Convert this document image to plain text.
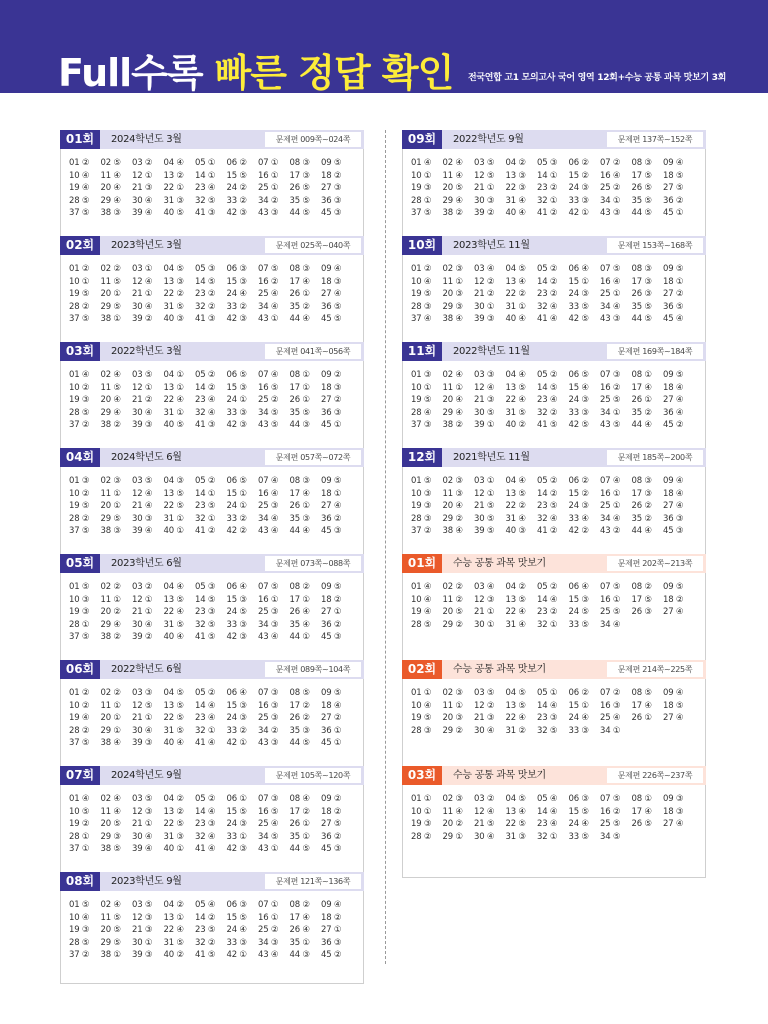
Full수록 빠른 정답 확인 전국연합 고1 모의고사 국어 영역 12회+수능 공통 과목 맛보기 3회
01회	2024학년도 3월	문제편 009쪽~024쪽
01 ②	02 ⑤	03 ②	04 ④	05 ①	06 ②	07 ①	08 ③	09 ⑤
10 ④	11 ④	12 ①	13 ②	14 ①	15 ⑤	16 ①	17 ③	18 ②
19 ④	20 ④	21 ③	22 ①	23 ④	24 ②	25 ①	26 ⑤	27 ③
28 ⑤	29 ④	30 ④	31 ③	32 ⑤	33 ②	34 ②	35 ⑤	36 ③
37 ⑤	38 ③	39 ④	40 ⑤	41 ③	42 ③	43 ③	44 ⑤	45 ③
02회	2023학년도 3월	문제편 025쪽~040쪽
01 ②	02 ②	03 ①	04 ⑤	05 ③	06 ③	07 ⑤	08 ③	09 ④
10 ①	11 ⑤	12 ④	13 ③	14 ⑤	15 ③	16 ②	17 ④	18 ③
19 ⑤	20 ①	21 ①	22 ②	23 ②	24 ④	25 ④	26 ①	27 ④
28 ②	29 ⑤	30 ④	31 ⑤	32 ②	33 ②	34 ④	35 ②	36 ⑤
37 ⑤	38 ①	39 ②	40 ③	41 ③	42 ③	43 ①	44 ④	45 ⑤
03회	2022학년도 3월	문제편 041쪽~056쪽
01 ④	02 ④	03 ⑤	04 ①	05 ②	06 ⑤	07 ④	08 ①	09 ②
10 ②	11 ⑤	12 ①	13 ①	14 ②	15 ③	16 ⑤	17 ①	18 ③
19 ③	20 ④	21 ②	22 ④	23 ④	24 ①	25 ②	26 ①	27 ②
28 ⑤	29 ④	30 ④	31 ①	32 ④	33 ③	34 ⑤	35 ⑤	36 ③
37 ②	38 ②	39 ③	40 ⑤	41 ③	42 ③	43 ⑤	44 ③	45 ①
04회	2024학년도 6월	문제편 057쪽~072쪽
01 ③	02 ③	03 ⑤	04 ③	05 ②	06 ⑤	07 ④	08 ③	09 ⑤
10 ②	11 ①	12 ④	13 ⑤	14 ①	15 ①	16 ④	17 ④	18 ①
19 ⑤	20 ①	21 ④	22 ⑤	23 ⑤	24 ①	25 ③	26 ①	27 ④
28 ②	29 ⑤	30 ③	31 ①	32 ①	33 ②	34 ④	35 ③	36 ②
37 ⑤	38 ③	39 ④	40 ①	41 ②	42 ②	43 ④	44 ④	45 ③
05회	2023학년도 6월	문제편 073쪽~088쪽
01 ⑤	02 ②	03 ②	04 ④	05 ③	06 ④	07 ⑤	08 ②	09 ⑤
10 ③	11 ①	12 ①	13 ⑤	14 ⑤	15 ③	16 ①	17 ①	18 ②
19 ③	20 ②	21 ①	22 ④	23 ③	24 ⑤	25 ③	26 ④	27 ①
28 ①	29 ④	30 ④	31 ⑤	32 ⑤	33 ③	34 ③	35 ④	36 ②
37 ⑤	38 ②	39 ②	40 ④	41 ⑤	42 ③	43 ④	44 ①	45 ③
06회	2022학년도 6월	문제편 089쪽~104쪽
01 ②	02 ②	03 ③	04 ⑤	05 ②	06 ④	07 ③	08 ⑤	09 ⑤
10 ②	11 ①	12 ⑤	13 ⑤	14 ④	15 ③	16 ③	17 ②	18 ④
19 ④	20 ①	21 ①	22 ⑤	23 ④	24 ③	25 ③	26 ②	27 ②
28 ②	29 ①	30 ④	31 ⑤	32 ①	33 ②	34 ②	35 ③	36 ①
37 ⑤	38 ④	39 ③	40 ④	41 ④	42 ①	43 ③	44 ⑤	45 ①
07회	2024학년도 9월	문제편 105쪽~120쪽
01 ④	02 ④	03 ⑤	04 ②	05 ②	06 ①	07 ③	08 ④	09 ②
10 ⑤	11 ④	12 ③	13 ②	14 ④	15 ⑤	16 ⑤	17 ②	18 ②
19 ②	20 ⑤	21 ①	22 ⑤	23 ③	24 ③	25 ④	26 ①	27 ⑤
28 ①	29 ③	30 ④	31 ③	32 ④	33 ①	34 ⑤	35 ①	36 ②
37 ①	38 ⑤	39 ④	40 ①	41 ④	42 ③	43 ①	44 ⑤	45 ③
08회	2023학년도 9월	문제편 121쪽~136쪽
01 ⑤	02 ④	03 ⑤	04 ②	05 ④	06 ③	07 ①	08 ②	09 ④
10 ④	11 ⑤	12 ③	13 ①	14 ②	15 ⑤	16 ①	17 ④	18 ②
19 ③	20 ⑤	21 ③	22 ④	23 ⑤	24 ④	25 ②	26 ④	27 ①
28 ⑤	29 ⑤	30 ①	31 ⑤	32 ②	33 ③	34 ③	35 ①	36 ③
37 ②	38 ①	39 ③	40 ②	41 ⑤	42 ①	43 ④	44 ③	45 ②
09회	2022학년도 9월	문제편 137쪽~152쪽
01 ④	02 ④	03 ⑤	04 ②	05 ③	06 ②	07 ②	08 ③	09 ④
10 ①	11 ④	12 ⑤	13 ③	14 ①	15 ②	16 ④	17 ⑤	18 ⑤
19 ③	20 ⑤	21 ①	22 ③	23 ②	24 ③	25 ②	26 ⑤	27 ⑤
28 ①	29 ④	30 ③	31 ④	32 ①	33 ③	34 ①	35 ⑤	36 ②
37 ⑤	38 ②	39 ②	40 ④	41 ②	42 ①	43 ③	44 ⑤	45 ①
10회	2023학년도 11월	문제편 153쪽~168쪽
01 ②	02 ③	03 ④	04 ⑤	05 ②	06 ④	07 ⑤	08 ③	09 ⑤
10 ④	11 ①	12 ②	13 ④	14 ②	15 ①	16 ④	17 ③	18 ①
19 ⑤	20 ③	21 ②	22 ②	23 ②	24 ③	25 ①	26 ③	27 ②
28 ③	29 ③	30 ①	31 ①	32 ④	33 ⑤	34 ④	35 ⑤	36 ⑤
37 ④	38 ④	39 ③	40 ④	41 ④	42 ⑤	43 ③	44 ⑤	45 ④
11회	2022학년도 11월	문제편 169쪽~184쪽
01 ③	02 ④	03 ③	04 ④	05 ②	06 ⑤	07 ③	08 ①	09 ⑤
10 ①	11 ①	12 ④	13 ⑤	14 ⑤	15 ④	16 ②	17 ④	18 ④
19 ⑤	20 ④	21 ③	22 ④	23 ④	24 ③	25 ⑤	26 ①	27 ④
28 ④	29 ④	30 ⑤	31 ⑤	32 ②	33 ③	34 ①	35 ②	36 ④
37 ③	38 ②	39 ①	40 ②	41 ⑤	42 ⑤	43 ⑤	44 ④	45 ②
12회	2021학년도 11월	문제편 185쪽~200쪽
01 ⑤	02 ③	03 ①	04 ④	05 ②	06 ②	07 ④	08 ③	09 ④
10 ③	11 ③	12 ①	13 ⑤	14 ②	15 ②	16 ①	17 ③	18 ④
19 ③	20 ④	21 ⑤	22 ②	23 ⑤	24 ③	25 ①	26 ②	27 ④
28 ③	29 ②	30 ⑤	31 ④	32 ④	33 ④	34 ④	35 ②	36 ③
37 ②	38 ④	39 ⑤	40 ③	41 ②	42 ②	43 ②	44 ④	45 ③
01회	수능 공통 과목 맛보기	문제편 202쪽~213쪽
01 ④	02 ②	03 ④	04 ②	05 ②	06 ④	07 ⑤	08 ②	09 ⑤
10 ④	11 ②	12 ③	13 ⑤	14 ④	15 ③	16 ①	17 ⑤	18 ②
19 ④	20 ⑤	21 ①	22 ④	23 ②	24 ⑤	25 ⑤	26 ③	27 ④
28 ⑤	29 ②	30 ①	31 ④	32 ①	33 ⑤	34 ④
02회	수능 공통 과목 맛보기	문제편 214쪽~225쪽
01 ①	02 ③	03 ⑤	04 ⑤	05 ①	06 ②	07 ②	08 ⑤	09 ④
10 ④	11 ①	12 ②	13 ⑤	14 ④	15 ①	16 ③	17 ④	18 ⑤
19 ⑤	20 ③	21 ③	22 ④	23 ③	24 ④	25 ④	26 ①	27 ④
28 ③	29 ②	30 ④	31 ②	32 ⑤	33 ③	34 ①
03회	수능 공통 과목 맛보기	문제편 226쪽~237쪽
01 ①	02 ③	03 ②	04 ⑤	05 ④	06 ③	07 ⑤	08 ①	09 ③
10 ①	11 ④	12 ④	13 ④	14 ④	15 ⑤	16 ②	17 ④	18 ③
19 ③	20 ②	21 ⑤	22 ⑤	23 ④	24 ④	25 ⑤	26 ⑤	27 ④
28 ②	29 ①	30 ④	31 ③	32 ①	33 ⑤	34 ⑤
